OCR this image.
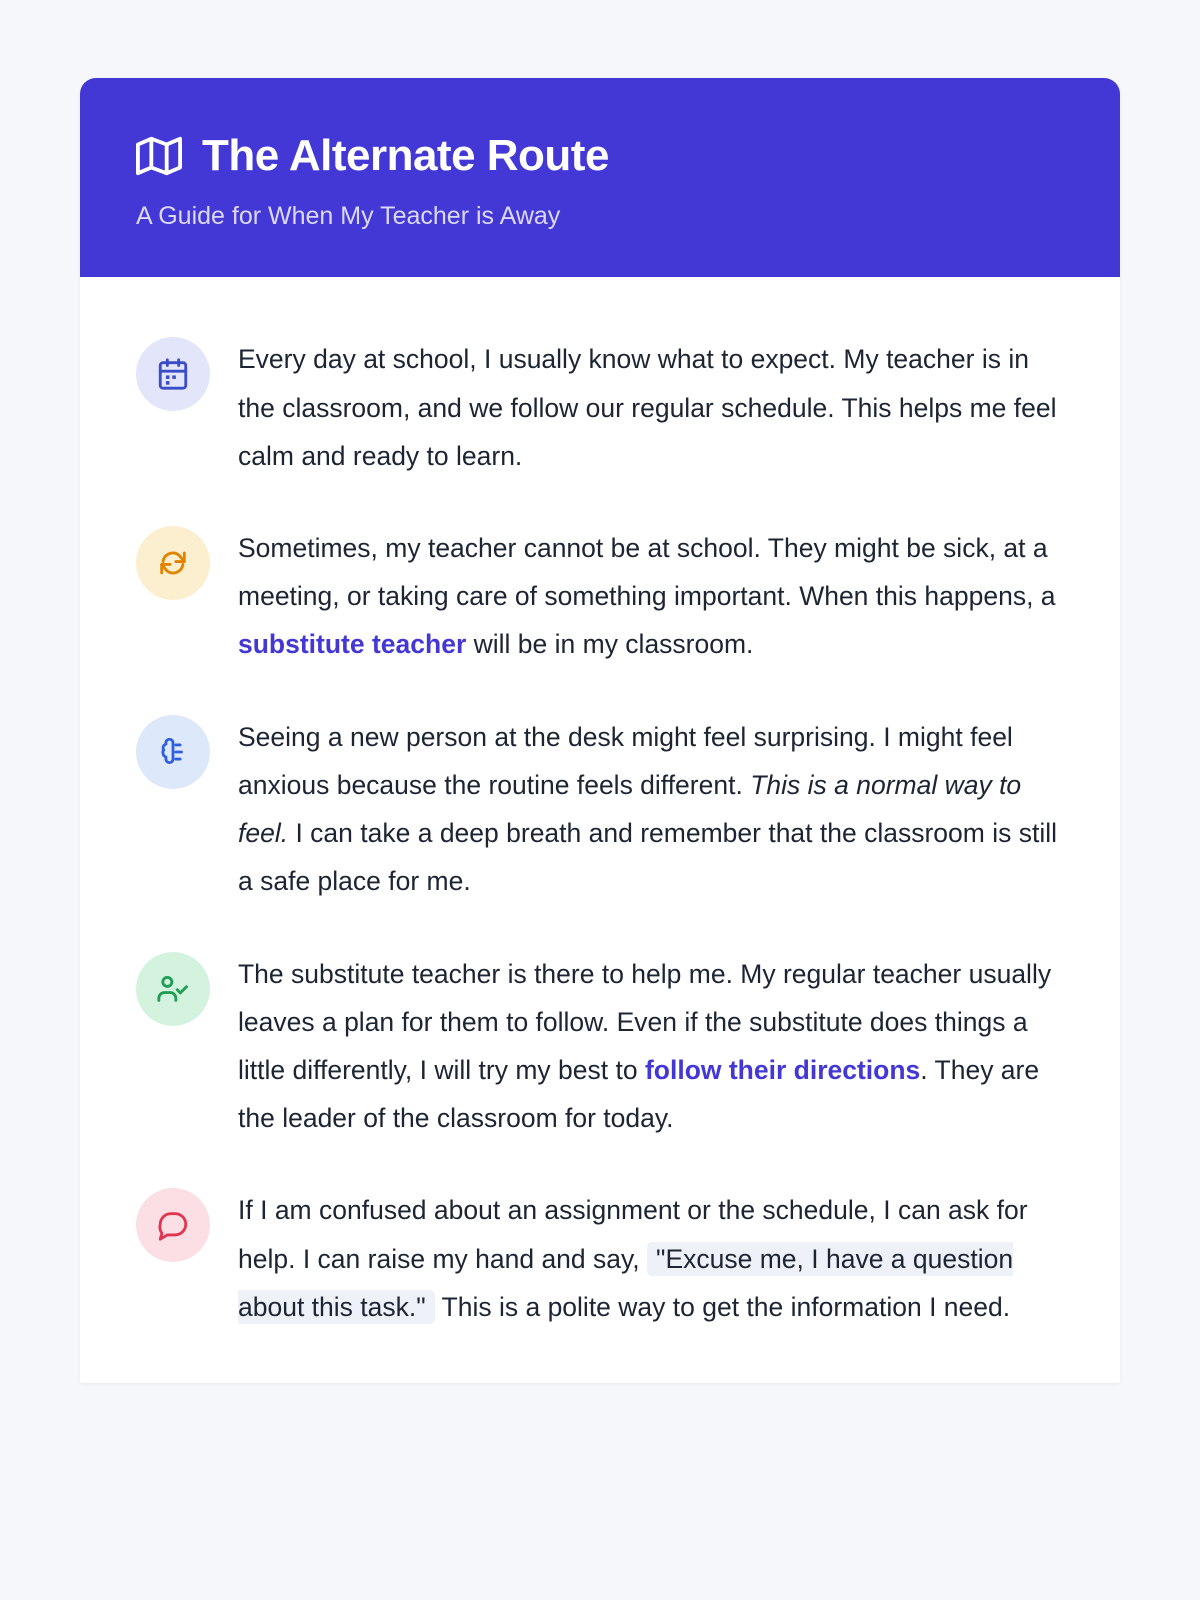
The Alternate Route
A Guide for When My Teacher is Away
Every day at school, I usually know what to expect. My teacher is in the classroom, and we follow our regular schedule. This helps me feel calm and ready to learn.
Sometimes, my teacher cannot be at school. They might be sick, at a meeting, or taking care of something important. When this happens, a substitute teacher will be in my classroom.
Seeing a new person at the desk might feel surprising. I might feel anxious because the routine feels different. This is a normal way to feel. I can take a deep breath and remember that the classroom is still a safe place for me.
The substitute teacher is there to help me. My regular teacher usually leaves a plan for them to follow. Even if the substitute does things a little differently, I will try my best to follow their directions. They are the leader of the classroom for today.
If I am confused about an assignment or the schedule, I can ask for help. I can raise my hand and say, "Excuse me, I have a question about this task." This is a polite way to get the information I need.
